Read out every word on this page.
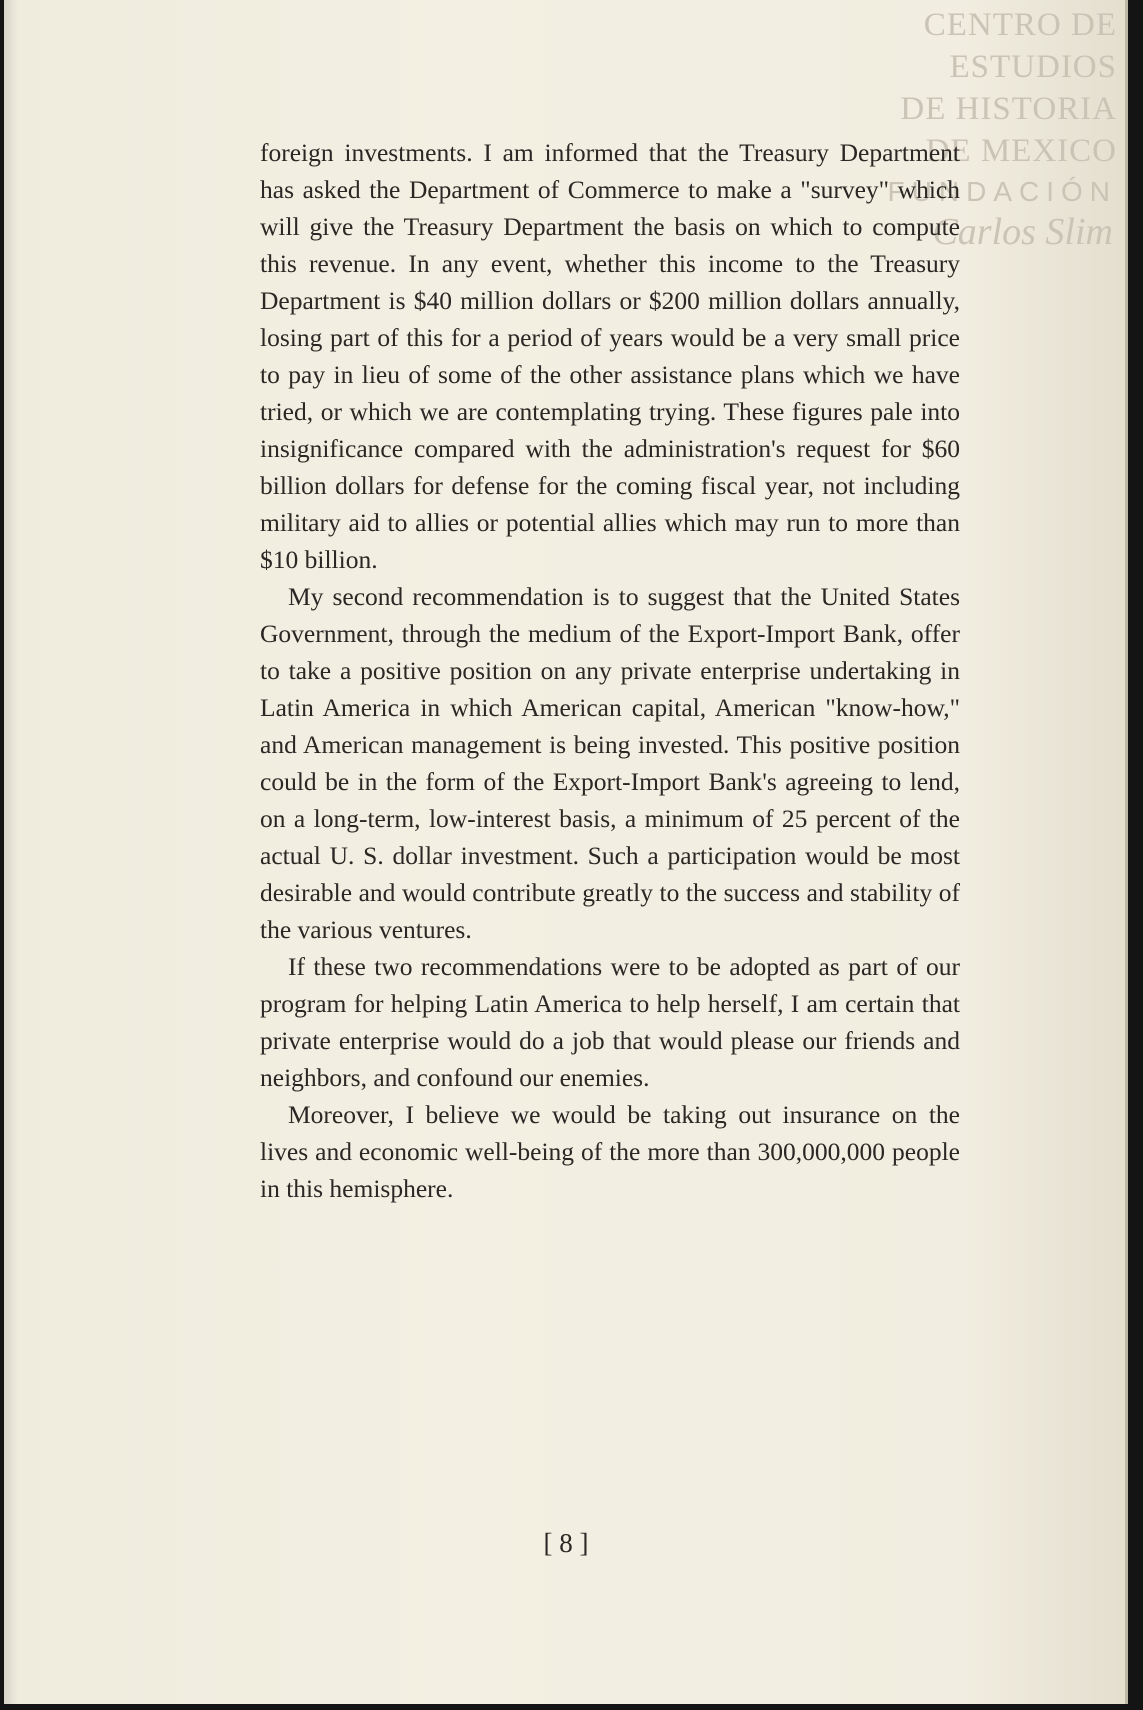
CENTRO DE
ESTUDIOS
DE HISTORIA
DE MEXICO
FUNDACIÓN
Carlos Slim

foreign investments. I am informed that the Treasury Department has asked the Department of Commerce to make a "survey" which will give the Treasury Department the basis on which to compute this revenue. In any event, whether this income to the Treasury Department is $40 million dollars or $200 million dollars annually, losing part of this for a period of years would be a very small price to pay in lieu of some of the other assistance plans which we have tried, or which we are contemplating trying. These figures pale into insignificance compared with the administration's request for $60 billion dollars for defense for the coming fiscal year, not including military aid to allies or potential allies which may run to more than $10 billion.

My second recommendation is to suggest that the United States Government, through the medium of the Export-Import Bank, offer to take a positive position on any private enterprise undertaking in Latin America in which American capital, American "know-how," and American management is being invested. This positive position could be in the form of the Export-Import Bank's agreeing to lend, on a long-term, low-interest basis, a minimum of 25 percent of the actual U. S. dollar investment. Such a participation would be most desirable and would contribute greatly to the success and stability of the various ventures.

If these two recommendations were to be adopted as part of our program for helping Latin America to help herself, I am certain that private enterprise would do a job that would please our friends and neighbors, and confound our enemies.

Moreover, I believe we would be taking out insurance on the lives and economic well-being of the more than 300,000,000 people in this hemisphere.

[ 8 ]
